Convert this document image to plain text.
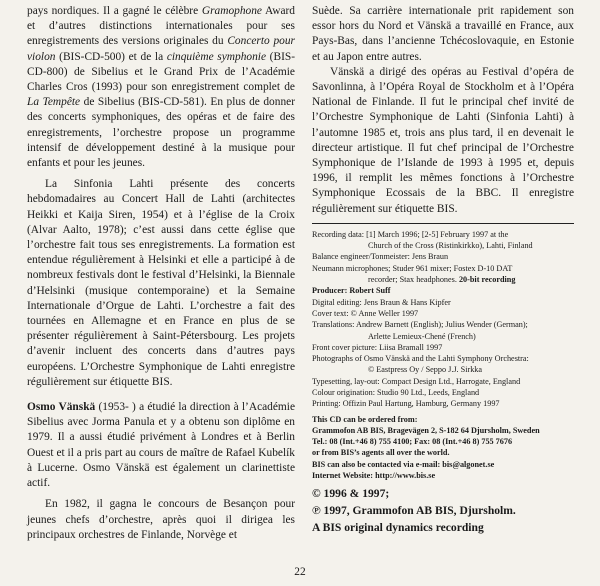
pays nordiques. Il a gagné le célèbre Gramophone Award et d’autres distinctions internationales pour ses enregistrements des versions originales du Concerto pour violon (BIS-CD-500) et de la cinquième symphonie (BIS-CD-800) de Sibelius et le Grand Prix de l’Académie Charles Cros (1993) pour son enregistrement complet de La Tempête de Sibelius (BIS-CD-581). En plus de donner des concerts symphoniques, des opéras et de faire des enregistrements, l’orchestre propose un programme intensif de développement destiné à la musique pour enfants et pour les jeunes.

La Sinfonia Lahti présente des concerts hebdomadaires au Concert Hall de Lahti (architectes Heikki et Kaija Siren, 1954) et à l’église de la Croix (Alvar Aalto, 1978); c’est aussi dans cette église que l’orchestre fait tous ses enregistrements. La formation est entendue régulièrement à Helsinki et elle a participé à de nombreux festivals dont le festival d’Helsinki, la Biennale d’Helsinki (musique contemporaine) et la Semaine Internationale d’Orgue de Lahti. L’orchestre a fait des tournées en Allemagne et en France en plus de se présenter régulièrement à Saint-Pétersbourg. Les projets d’avenir incluent des concerts dans d’autres pays européens. L’Orchestre Symphonique de Lahti enregistre régulièrement sur étiquette BIS.

Osmo Vänskä (1953- ) a étudié la direction à l’Académie Sibelius avec Jorma Panula et y a obtenu son diplôme en 1979. Il a aussi étudié privément à Londres et à Berlin Ouest et il a pris part au cours de maître de Rafael Kubelík à Lucerne. Osmo Vänskä est également un clarinettiste actif.

En 1982, il gagna le concours de Besançon pour jeunes chefs d’orchestre, après quoi il dirigea les principaux orchestres de Finlande, Norvège et

Suède. Sa carrière internationale prit rapidement son essor hors du Nord et Vänskä a travaillé en France, aux Pays-Bas, dans l’ancienne Tchécoslovaquie, en Estonie et au Japon entre autres.

Vänskä a dirigé des opéras au Festival d’opéra de Savonlinna, à l’Opéra Royal de Stockholm et à l’Opéra National de Finlande. Il fut le principal chef invité de l’Orchestre Symphonique de Lahti (Sinfonia Lahti) à l’automne 1985 et, trois ans plus tard, il en devenait le directeur artistique. Il fut chef principal de l’Orchestre Symphonique de l’Islande de 1993 à 1995 et, depuis 1996, il remplit les mêmes fonctions à l’Orchestre Symphonique Ecossais de la BBC. Il enregistre régulièrement sur étiquette BIS.

Recording data: [1] March 1996; [2-5] February 1997 at the
Church of the Cross (Ristinkirkko), Lahti, Finland
Balance engineer/Tonmeister: Jens Braun
Neumann microphones; Studer 961 mixer; Fostex D-10 DAT
recorder; Stax headphones. 20-bit recording
Producer: Robert Suff
Digital editing: Jens Braun & Hans Kipfer
Cover text: © Anne Weller 1997
Translations: Andrew Barnett (English); Julius Wender (German);
Arlette Lemieux-Chené (French)
Front cover picture: Liisa Bramall 1997
Photographs of Osmo Vänskä and the Lahti Symphony Orchestra:
© Eastpress Oy / Seppo J.J. Sirkka
Typesetting, lay-out: Compact Design Ltd., Harrogate, England
Colour origination: Studio 90 Ltd., Leeds, England
Printing: Offizin Paul Hartung, Hamburg, Germany 1997
This CD can be ordered from:
Grammofon AB BIS, Bragevägen 2, S-182 64 Djursholm, Sweden
Tel.: 08 (Int.+46 8) 755 4100; Fax: 08 (Int.+46 8) 755 7676
or from BIS’s agents all over the world.
BIS can also be contacted via e-mail: bis@algonet.se
Internet Website: http://www.bis.se
© 1996 & 1997;
℗ 1997, Grammofon AB BIS, Djursholm.
A BIS original dynamics recording
22
